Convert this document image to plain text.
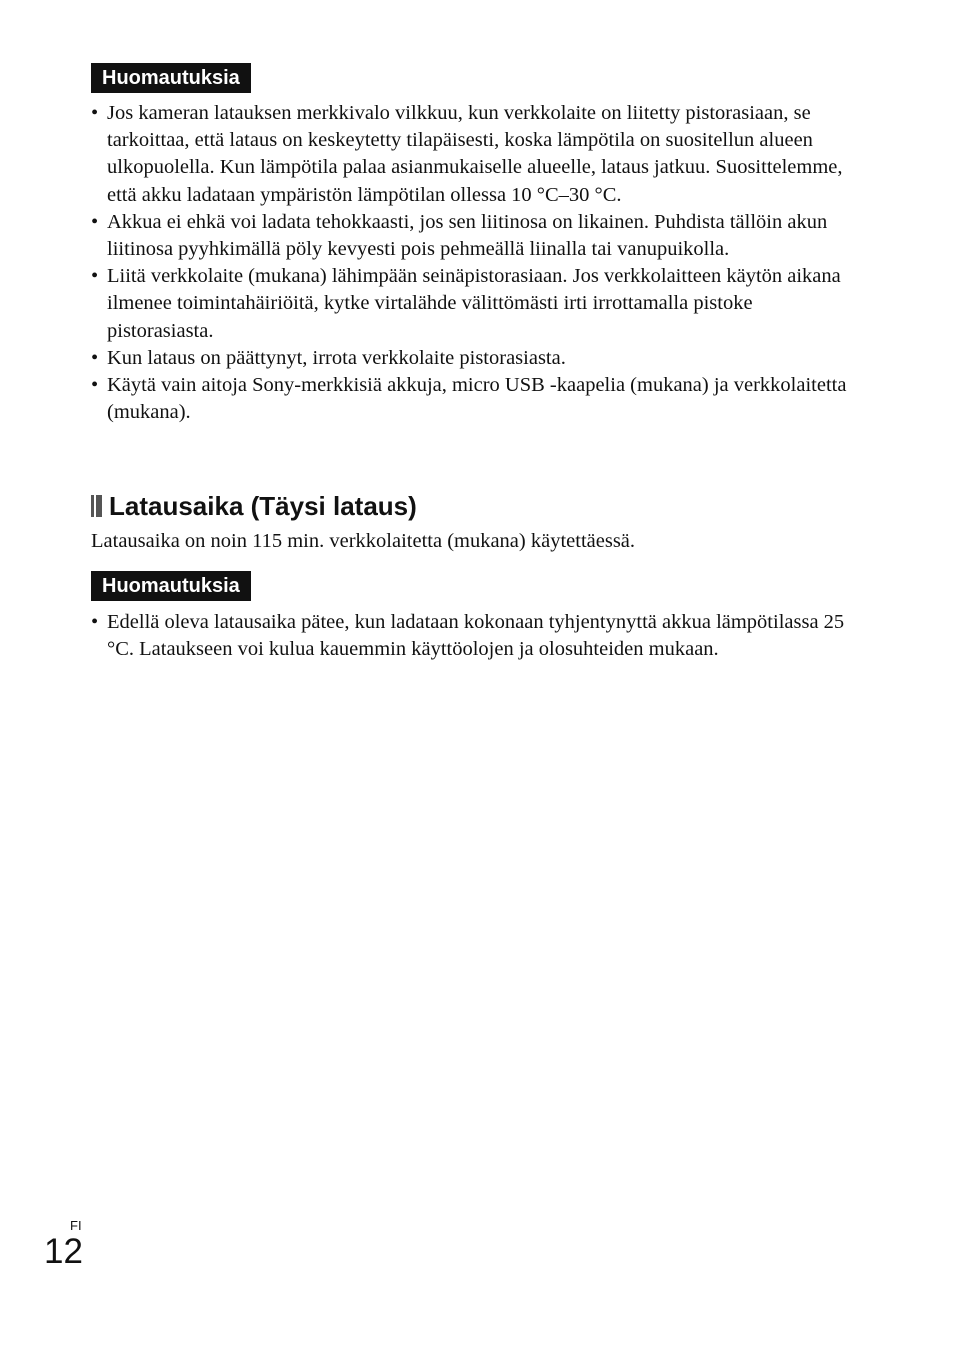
Huomautuksia
• Jos kameran latauksen merkkivalo vilkkuu, kun verkkolaite on liitetty pistorasiaan, se tarkoittaa, että lataus on keskeytetty tilapäisesti, koska lämpötila on suositellun alueen ulkopuolella. Kun lämpötila palaa asianmukaiselle alueelle, lataus jatkuu. Suosittelemme, että akku ladataan ympäristön lämpötilan ollessa 10 °C–30 °C.
• Akkua ei ehkä voi ladata tehokkaasti, jos sen liitinosa on likainen. Puhdista tällöin akun liitinosa pyyhkimällä pöly kevyesti pois pehmeällä liinalla tai vanupuikolla.
• Liitä verkkolaite (mukana) lähimpään seinäpistorasiaan. Jos verkkolaitteen käytön aikana ilmenee toimintahäiriöitä, kytke virtalähde välittömästi irti irrottamalla pistoke pistorasiasta.
• Kun lataus on päättynyt, irrota verkkolaite pistorasiasta.
• Käytä vain aitoja Sony-merkkisiä akkuja, micro USB -kaapelia (mukana) ja verkkolaitetta (mukana).
Latausaika (Täysi lataus)

Latausaika on noin 115 min. verkkolaitetta (mukana) käytettäessä.

Huomautuksia
• Edellä oleva latausaika pätee, kun ladataan kokonaan tyhjentynyttä akkua lämpötilassa 25 °C. Lataukseen voi kulua kauemmin käyttöolojen ja olosuhteiden mukaan.
FI
12
